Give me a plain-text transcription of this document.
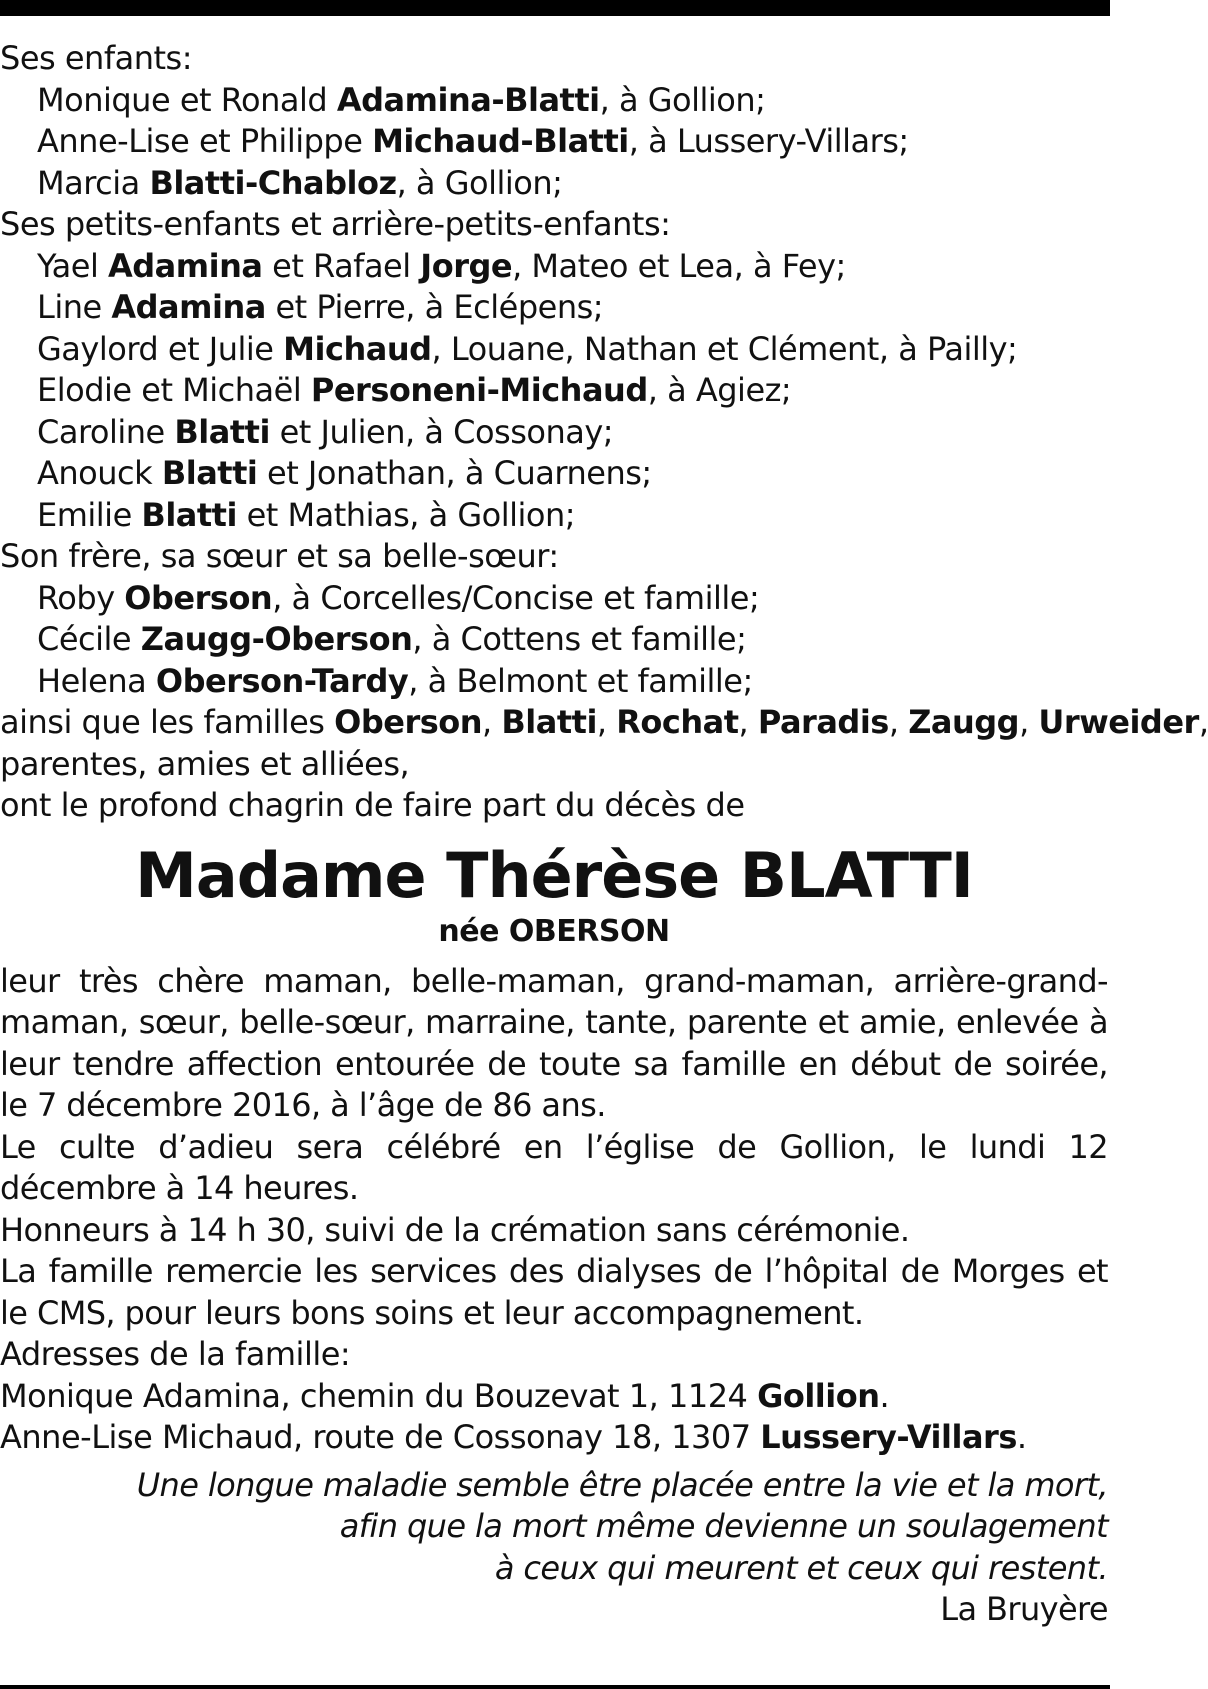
Ses enfants:
Monique et Ronald Adamina-Blatti, à Gollion;
Anne-Lise et Philippe Michaud-Blatti, à Lussery-Villars;
Marcia Blatti-Chabloz, à Gollion;
Ses petits-enfants et arrière-petits-enfants:
Yael Adamina et Rafael Jorge, Mateo et Lea, à Fey;
Line Adamina et Pierre, à Eclépens;
Gaylord et Julie Michaud, Louane, Nathan et Clément, à Pailly;
Elodie et Michaël Personeni-Michaud, à Agiez;
Caroline Blatti et Julien, à Cossonay;
Anouck Blatti et Jonathan, à Cuarnens;
Emilie Blatti et Mathias, à Gollion;
Son frère, sa sœur et sa belle-sœur:
Roby Oberson, à Corcelles/Concise et famille;
Cécile Zaugg-Oberson, à Cottens et famille;
Helena Oberson-Tardy, à Belmont et famille;
ainsi que les familles Oberson, Blatti, Rochat, Paradis, Zaugg, Urweider,
parentes, amies et alliées,
ont le profond chagrin de faire part du décès de
Madame Thérèse BLATTI
née OBERSON
leur très chère maman, belle-maman, grand-maman, arrière-grand-maman, sœur, belle-sœur, marraine, tante, parente et amie, enlevée à leur tendre affection entourée de toute sa famille en début de soirée, le 7 décembre 2016, à l’âge de 86 ans.
Le culte d’adieu sera célébré en l’église de Gollion, le lundi 12 décembre à 14 heures.
Honneurs à 14 h 30, suivi de la crémation sans cérémonie.
La famille remercie les services des dialyses de l’hôpital de Morges et le CMS, pour leurs bons soins et leur accompagnement.
Adresses de la famille:
Monique Adamina, chemin du Bouzevat 1, 1124 Gollion.
Anne-Lise Michaud, route de Cossonay 18, 1307 Lussery-Villars.
Une longue maladie semble être placée entre la vie et la mort,
afin que la mort même devienne un soulagement
à ceux qui meurent et ceux qui restent.
La Bruyère
